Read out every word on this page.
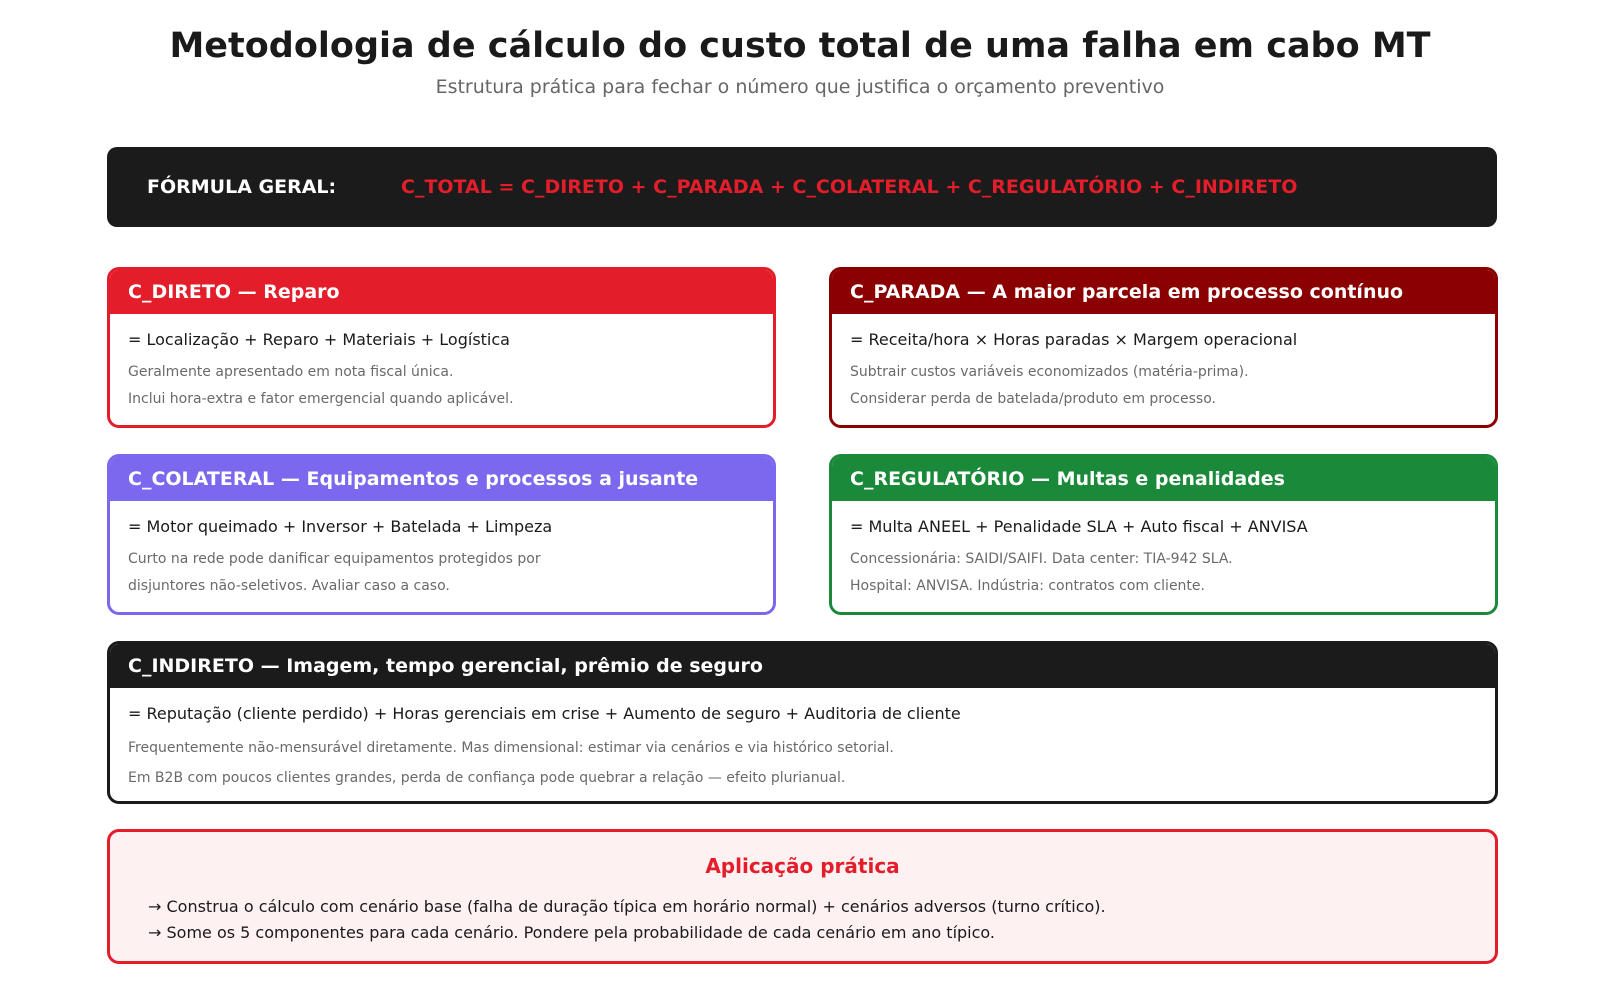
Metodologia de cálculo do custo total de uma falha em cabo MT
Estrutura prática para fechar o número que justifica o orçamento preventivo
FÓRMULA GERAL:	C_TOTAL = C_DIRETO + C_PARADA + C_COLATERAL + C_REGULATÓRIO + C_INDIRETO
C_DIRETO — Reparo
= Localização + Reparo + Materiais + Logística
Geralmente apresentado em nota fiscal única.
Inclui hora-extra e fator emergencial quando aplicável.
C_PARADA — A maior parcela em processo contínuo
= Receita/hora × Horas paradas × Margem operacional
Subtrair custos variáveis economizados (matéria-prima).
Considerar perda de batelada/produto em processo.
C_COLATERAL — Equipamentos e processos a jusante
= Motor queimado + Inversor + Batelada + Limpeza
Curto na rede pode danificar equipamentos protegidos por
disjuntores não-seletivos. Avaliar caso a caso.
C_REGULATÓRIO — Multas e penalidades
= Multa ANEEL + Penalidade SLA + Auto fiscal + ANVISA
Concessionária: SAIDI/SAIFI. Data center: TIA-942 SLA.
Hospital: ANVISA. Indústria: contratos com cliente.
C_INDIRETO — Imagem, tempo gerencial, prêmio de seguro
= Reputação (cliente perdido) + Horas gerenciais em crise + Aumento de seguro + Auditoria de cliente
Frequentemente não-mensurável diretamente. Mas dimensional: estimar via cenários e via histórico setorial.
Em B2B com poucos clientes grandes, perda de confiança pode quebrar a relação — efeito plurianual.
Aplicação prática
→ Construa o cálculo com cenário base (falha de duração típica em horário normal) + cenários adversos (turno crítico).
→ Some os 5 componentes para cada cenário. Pondere pela probabilidade de cada cenário em ano típico.
